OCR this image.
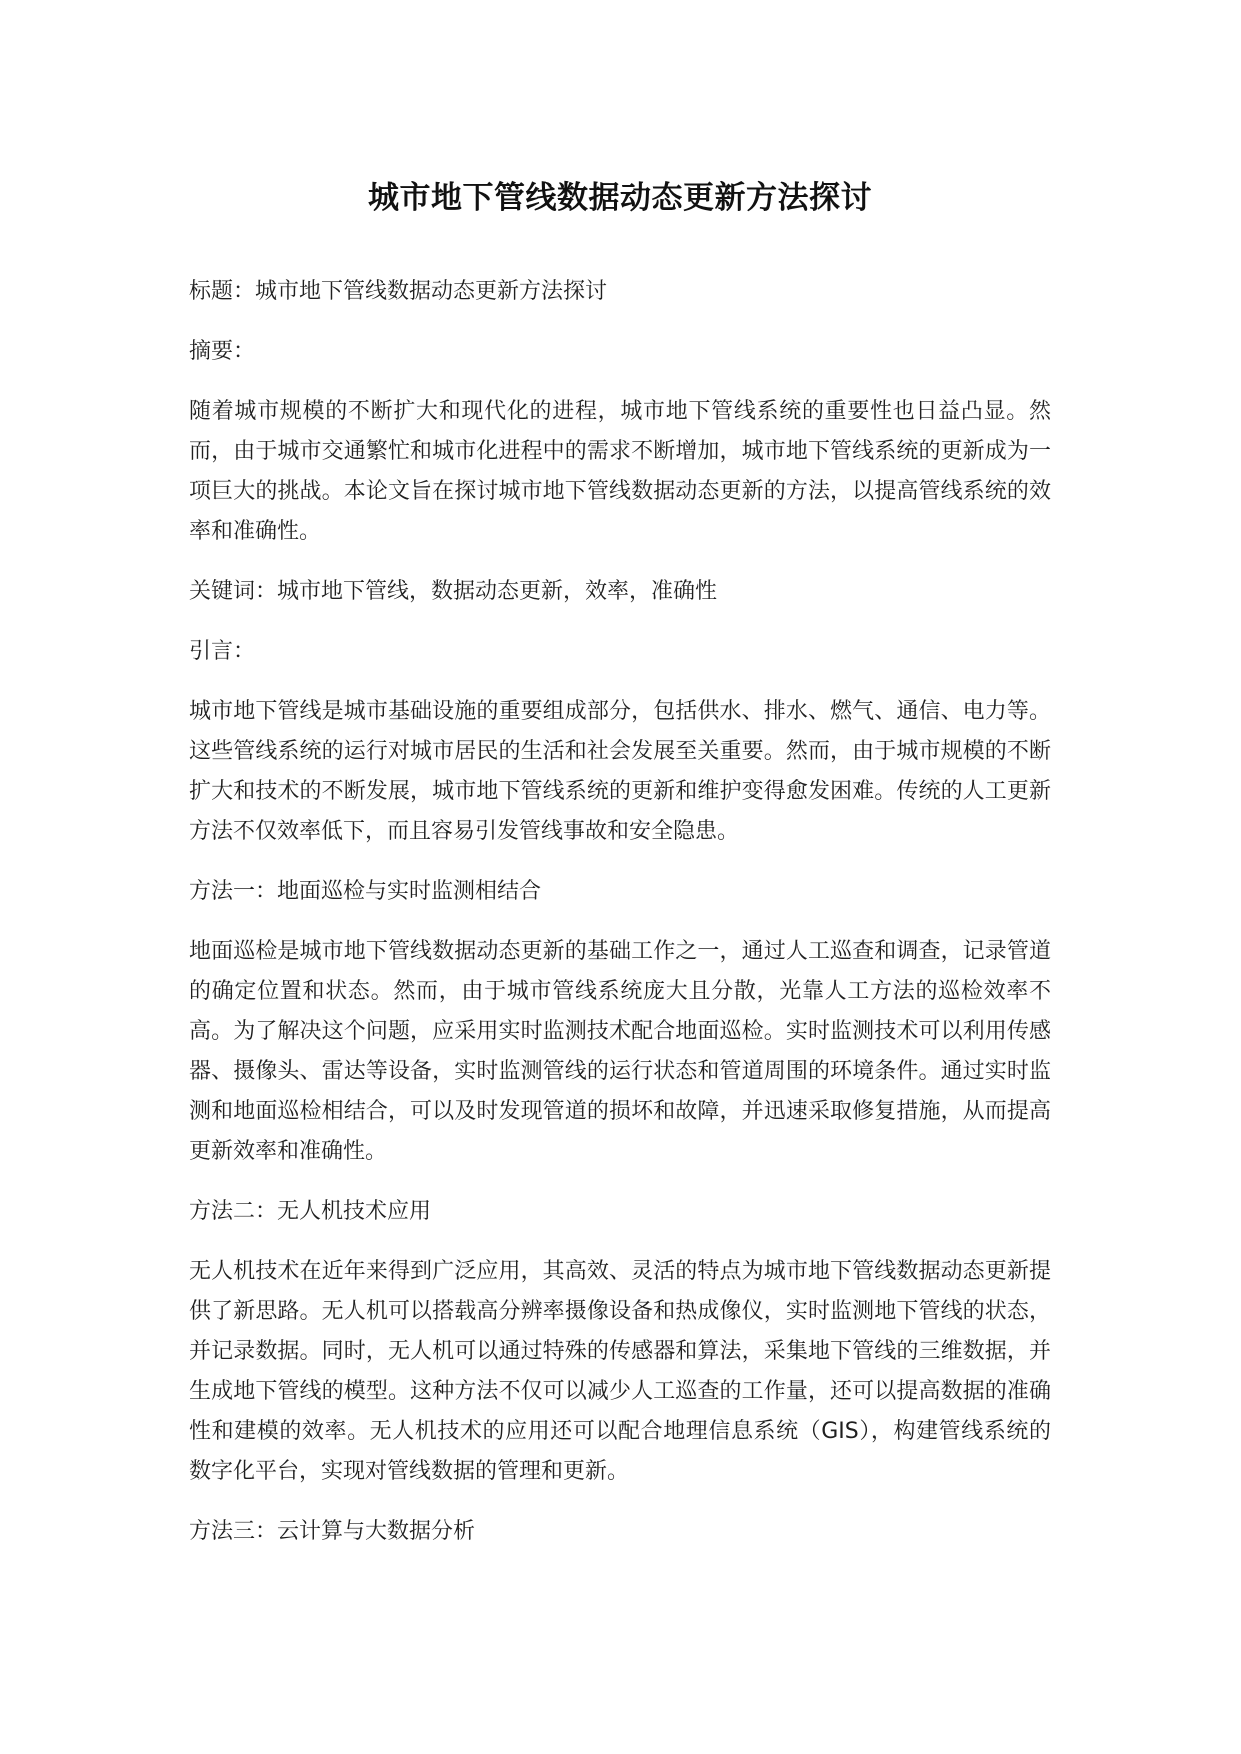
城市地下管线数据动态更新方法探讨

标题：城市地下管线数据动态更新方法探讨

摘要：

随着城市规模的不断扩大和现代化的进程，城市地下管线系统的重要性也日益凸显。然而，由于城市交通繁忙和城市化进程中的需求不断增加，城市地下管线系统的更新成为一项巨大的挑战。本论文旨在探讨城市地下管线数据动态更新的方法，以提高管线系统的效率和准确性。

关键词：城市地下管线，数据动态更新，效率，准确性

引言：

城市地下管线是城市基础设施的重要组成部分，包括供水、排水、燃气、通信、电力等。这些管线系统的运行对城市居民的生活和社会发展至关重要。然而，由于城市规模的不断扩大和技术的不断发展，城市地下管线系统的更新和维护变得愈发困难。传统的人工更新方法不仅效率低下，而且容易引发管线事故和安全隐患。

方法一：地面巡检与实时监测相结合

地面巡检是城市地下管线数据动态更新的基础工作之一，通过人工巡查和调查，记录管道的确定位置和状态。然而，由于城市管线系统庞大且分散，光靠人工方法的巡检效率不高。为了解决这个问题，应采用实时监测技术配合地面巡检。实时监测技术可以利用传感器、摄像头、雷达等设备，实时监测管线的运行状态和管道周围的环境条件。通过实时监测和地面巡检相结合，可以及时发现管道的损坏和故障，并迅速采取修复措施，从而提高更新效率和准确性。

方法二：无人机技术应用

无人机技术在近年来得到广泛应用，其高效、灵活的特点为城市地下管线数据动态更新提供了新思路。无人机可以搭载高分辨率摄像设备和热成像仪，实时监测地下管线的状态，并记录数据。同时，无人机可以通过特殊的传感器和算法，采集地下管线的三维数据，并生成地下管线的模型。这种方法不仅可以减少人工巡查的工作量，还可以提高数据的准确性和建模的效率。无人机技术的应用还可以配合地理信息系统（GIS），构建管线系统的数字化平台，实现对管线数据的管理和更新。

方法三：云计算与大数据分析
